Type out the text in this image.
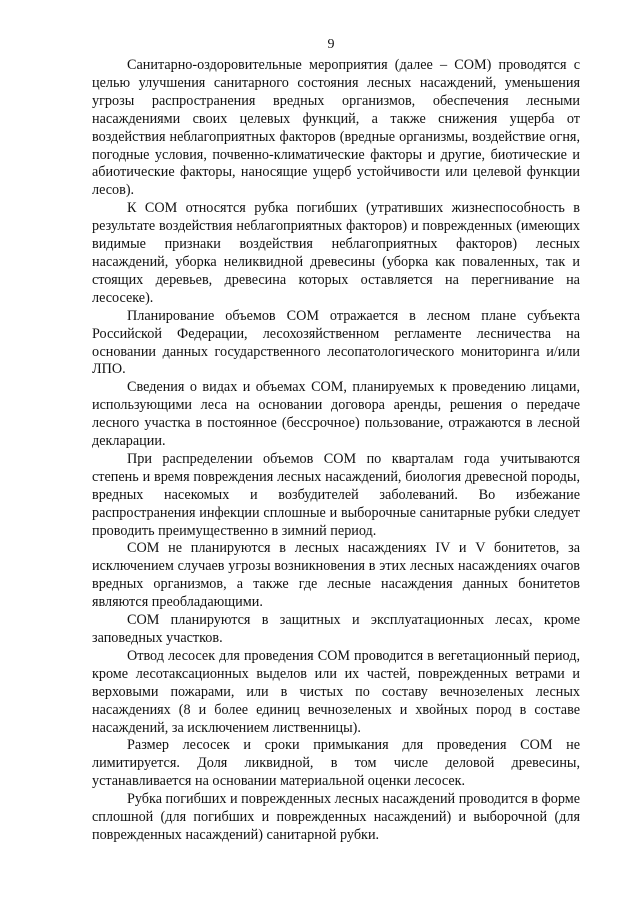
9

Санитарно-оздоровительные мероприятия (далее – СОМ) проводятся с целью улучшения санитарного состояния лесных насаждений, уменьшения угрозы распространения вредных организмов, обеспечения лесными насаждениями своих целевых функций, а также снижения ущерба от воздействия неблагоприятных факторов (вредные организмы, воздействие огня, погодные условия, почвенно-климатические факторы и другие, биотические и абиотические факторы, наносящие ущерб устойчивости или целевой функции лесов).

К СОМ относятся рубка погибших (утративших жизнеспособность в результате воздействия неблагоприятных факторов) и поврежденных (имеющих видимые признаки воздействия неблагоприятных факторов) лесных насаждений, уборка неликвидной древесины (уборка как поваленных, так и стоящих деревьев, древесина которых оставляется на перегнивание на лесосеке).

Планирование объемов СОМ отражается в лесном плане субъекта Российской Федерации, лесохозяйственном регламенте лесничества на основании данных государственного лесопатологического мониторинга и/или ЛПО.

Сведения о видах и объемах СОМ, планируемых к проведению лицами, использующими леса на основании договора аренды, решения о передаче лесного участка в постоянное (бессрочное) пользование, отражаются в лесной декларации.

При распределении объемов СОМ по кварталам года учитываются степень и время повреждения лесных насаждений, биология древесной породы, вредных насекомых и возбудителей заболеваний. Во избежание распространения инфекции сплошные и выборочные санитарные рубки следует проводить преимущественно в зимний период.

СОМ не планируются в лесных насаждениях IV и V бонитетов, за исключением случаев угрозы возникновения в этих лесных насаждениях очагов вредных организмов, а также где лесные насаждения данных бонитетов являются преобладающими.

СОМ планируются в защитных и эксплуатационных лесах, кроме заповедных участков.

Отвод лесосек для проведения СОМ проводится в вегетационный период, кроме лесотаксационных выделов или их частей, поврежденных ветрами и верховыми пожарами, или в чистых по составу вечнозеленых лесных насаждениях (8 и более единиц вечнозеленых и хвойных пород в составе насаждений, за исключением лиственницы).

Размер лесосек и сроки примыкания для проведения СОМ не лимитируется. Доля ликвидной, в том числе деловой древесины, устанавливается на основании материальной оценки лесосек.

Рубка погибших и поврежденных лесных насаждений проводится в форме сплошной (для погибших и поврежденных насаждений) и выборочной (для поврежденных насаждений) санитарной рубки.
